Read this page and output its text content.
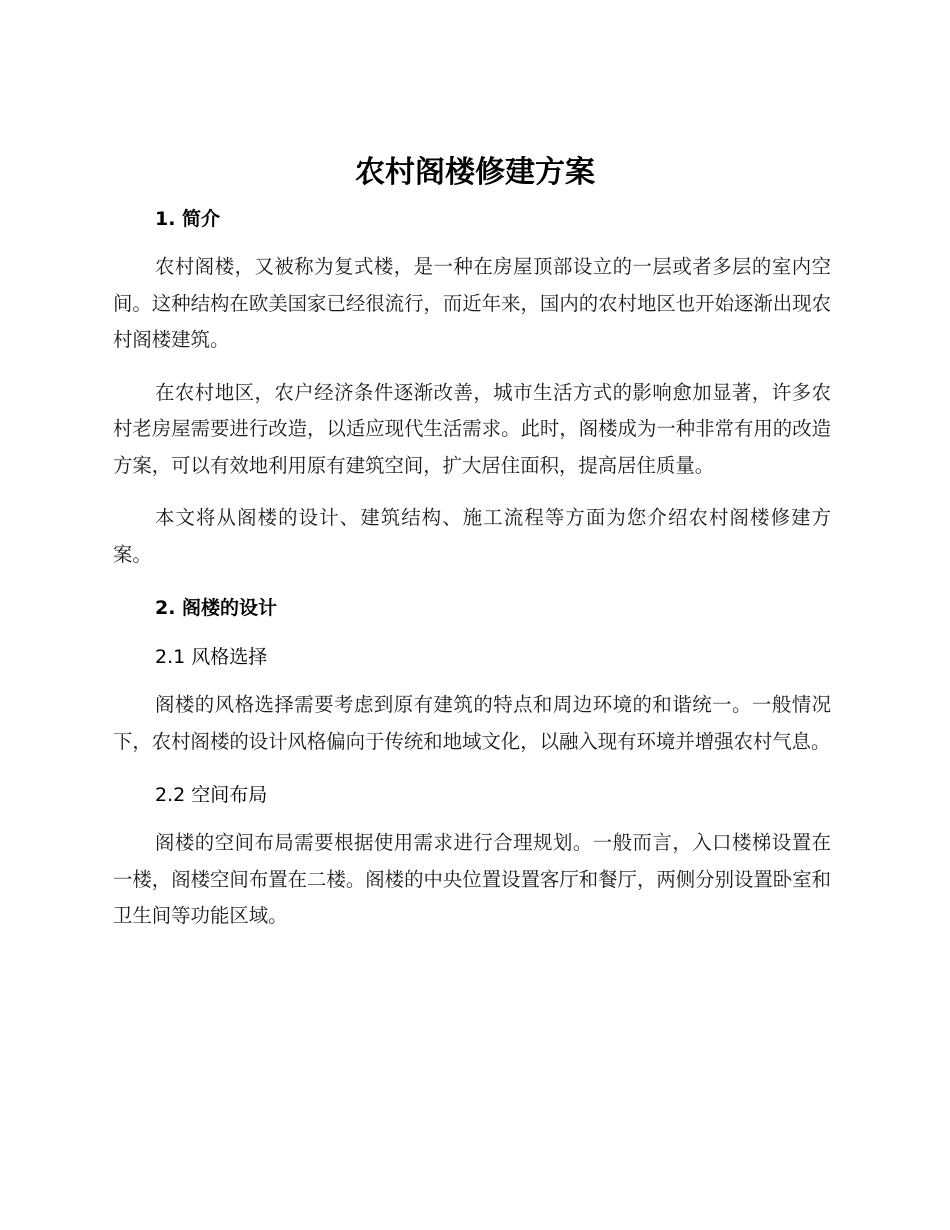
农村阁楼修建方案

1. 简介

农村阁楼，又被称为复式楼，是一种在房屋顶部设立的一层或者多层的室内空间。这种结构在欧美国家已经很流行，而近年来，国内的农村地区也开始逐渐出现农村阁楼建筑。

在农村地区，农户经济条件逐渐改善，城市生活方式的影响愈加显著，许多农村老房屋需要进行改造，以适应现代生活需求。此时，阁楼成为一种非常有用的改造方案，可以有效地利用原有建筑空间，扩大居住面积，提高居住质量。

本文将从阁楼的设计、建筑结构、施工流程等方面为您介绍农村阁楼修建方案。

2. 阁楼的设计

2.1 风格选择

阁楼的风格选择需要考虑到原有建筑的特点和周边环境的和谐统一。一般情况下，农村阁楼的设计风格偏向于传统和地域文化，以融入现有环境并增强农村气息。

2.2 空间布局

阁楼的空间布局需要根据使用需求进行合理规划。一般而言，入口楼梯设置在一楼，阁楼空间布置在二楼。阁楼的中央位置设置客厅和餐厅，两侧分别设置卧室和卫生间等功能区域。
